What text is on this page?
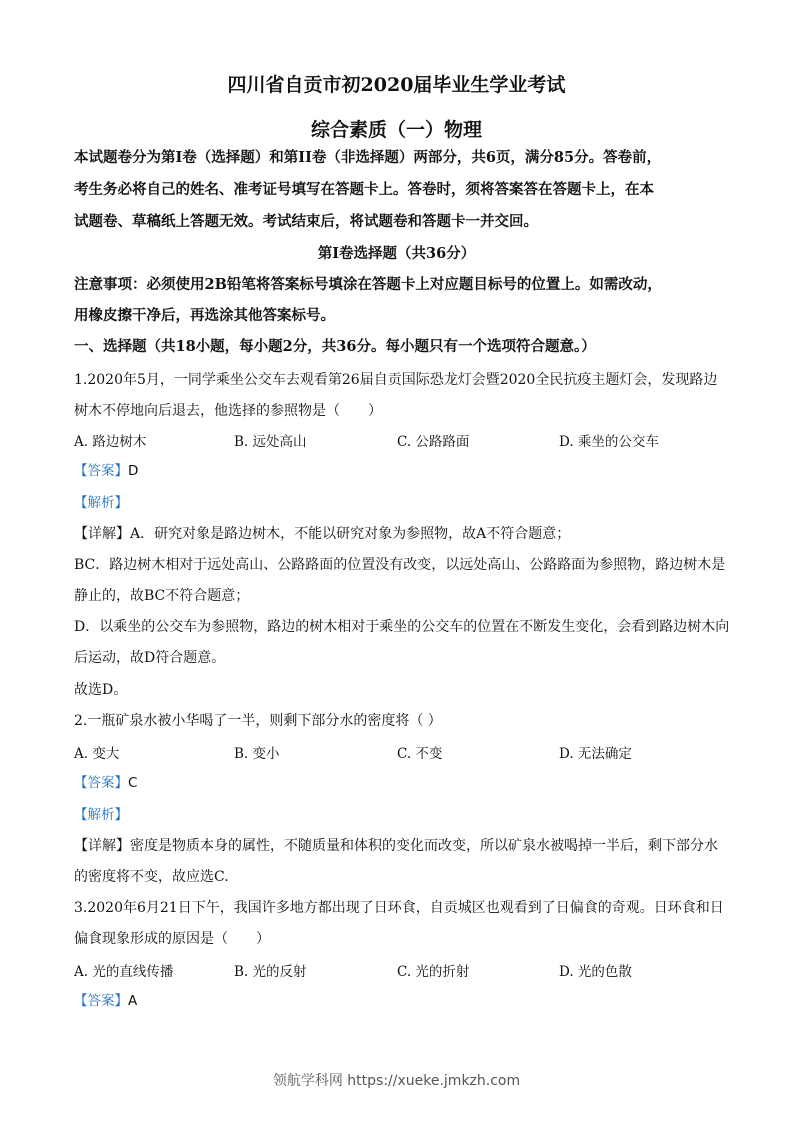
四川省自贡市初2020届毕业生学业考试
综合素质（一）物理
本试题卷分为第I卷（选择题）和第II卷（非选择题）两部分，共6页，满分85分。答卷前，
考生务必将自己的姓名、准考证号填写在答题卡上。答卷时，须将答案答在答题卡上，在本
试题卷、草稿纸上答题无效。考试结束后，将试题卷和答题卡一并交回。
第I卷选择题（共36分）
注意事项：必须使用2B铅笔将答案标号填涂在答题卡上对应题目标号的位置上。如需改动，
用橡皮擦干净后，再选涂其他答案标号。
一、选择题（共18小题，每小题2分，共36分。每小题只有一个选项符合题意。）
1.2020年5月，一同学乘坐公交车去观看第26届自贡国际恐龙灯会暨2020全民抗疫主题灯会，发现路边
树木不停地向后退去，他选择的参照物是（　　）
A. 路边树木	B. 远处高山	C. 公路路面	D. 乘坐的公交车
【答案】D
【解析】
【详解】A．研究对象是路边树木，不能以研究对象为参照物，故A不符合题意；
BC．路边树木相对于远处高山、公路路面的位置没有改变，以远处高山、公路路面为参照物，路边树木是
静止的，故BC不符合题意；
D．以乘坐的公交车为参照物，路边的树木相对于乘坐的公交车的位置在不断发生变化，会看到路边树木向
后运动，故D符合题意。
故选D。
2.一瓶矿泉水被小华喝了一半，则剩下部分水的密度将（ ）
A. 变大	B. 变小	C. 不变	D. 无法确定
【答案】C
【解析】
【详解】密度是物质本身的属性，不随质量和体积的变化而改变，所以矿泉水被喝掉一半后，剩下部分水
的密度将不变，故应选C.
3.2020年6月21日下午，我国许多地方都出现了日环食，自贡城区也观看到了日偏食的奇观。日环食和日
偏食现象形成的原因是（　　）
A. 光的直线传播	B. 光的反射	C. 光的折射	D. 光的色散
【答案】A
领航学科网 https://xueke.jmkzh.com
